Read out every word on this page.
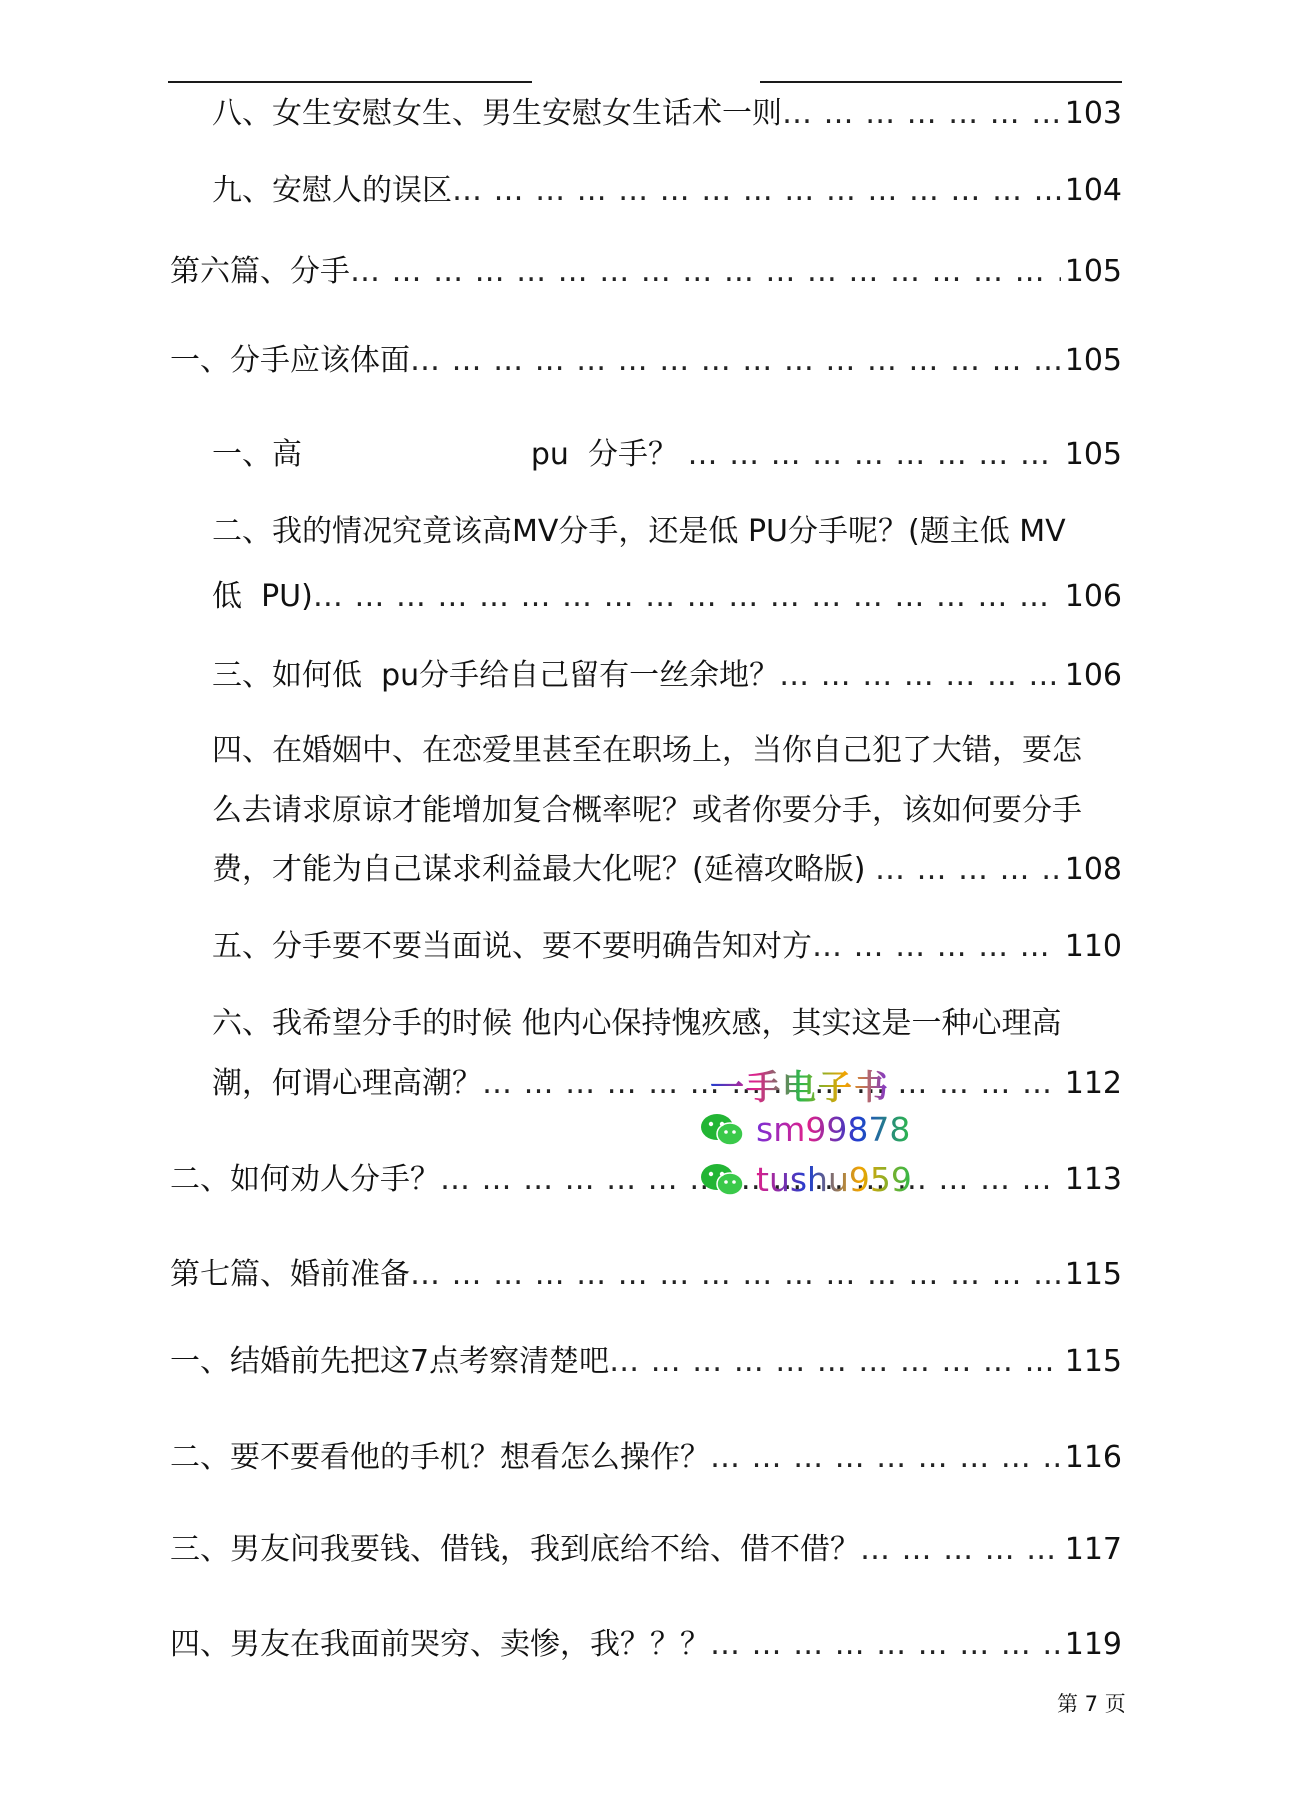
八、女生安慰女生、男生安慰女生话术一则 … … … … … … … … … … … … … … … … … … … … … … … … … … … … … … … … … … … … … … … … … …	103
九、安慰人的误区 … … … … … … … … … … … … … … … … … … … … … … … … … … … … … … … … … … … … … … … … … …	104
第六篇、分手 … … … … … … … … … … … … … … … … … … … … … … … … … … … … … … … … … … … … … … … … … …	105
一、分手应该体面 … … … … … … … … … … … … … … … … … … … … … … … … … … … … … … … … … … … … … … … … … …	105
一、高                        pu  分手？ … … … … … … … … … … … … … … … … … … … … … … … … … … … … … … … … … … … … … … … … … …	105
二、我的情况究竟该高MV分手，还是低 PU分手呢？(题主低 MV
低  PU) … … … … … … … … … … … … … … … … … … … … … … … … … … … … … … … … … … … … … … … … … …	106
三、如何低  pu分手给自己留有一丝余地？ … … … … … … … … … … … … … … … … … … … … … … … … … … … … … … … … … … … … … … … … … …	106
四、在婚姻中、在恋爱里甚至在职场上，当你自己犯了大错，要怎
么去请求原谅才能增加复合概率呢？或者你要分手，该如何要分手
费，才能为自己谋求利益最大化呢？(延禧攻略版) … … … … … … … … … … … … … … … … … … … … … … … … … … … … … … … … … … … … … … … … … …	108
五、分手要不要当面说、要不要明确告知对方 … … … … … … … … … … … … … … … … … … … … … … … … … … … … … … … … … … … … … … … … … …	110
六、我希望分手的时候 他内心保持愧疚感，其实这是一种心理高
潮，何谓心理高潮？ … … … … … … … … … … … … … … … … … … … … … … … … … … … … … … … … … … … … … … … … … …	112
二、如何劝人分手？ … … … … … … … … … … … … … … … … … … … … … … … … … … … … … … … … … … … … … … … … … …	113
第七篇、婚前准备 … … … … … … … … … … … … … … … … … … … … … … … … … … … … … … … … … … … … … … … … … …	115
一、结婚前先把这7点考察清楚吧 … … … … … … … … … … … … … … … … … … … … … … … … … … … … … … … … … … … … … … … … … …	115
二、要不要看他的手机？想看怎么操作？ … … … … … … … … … … … … … … … … … … … … … … … … … … … … … … … … … … … … … … … … … …	116
三、男友问我要钱、借钱，我到底给不给、借不借？ … … … … … … … … … … … … … … … … … … … … … … … … … … … … … … … … … … … … … … … … … …	117
四、男友在我面前哭穷、卖惨，我？？？ … … … … … … … … … … … … … … … … … … … … … … … … … … … … … … … … … … … … … … … … … …	119
一手电子书
sm99878
tushu959
第 7 页
